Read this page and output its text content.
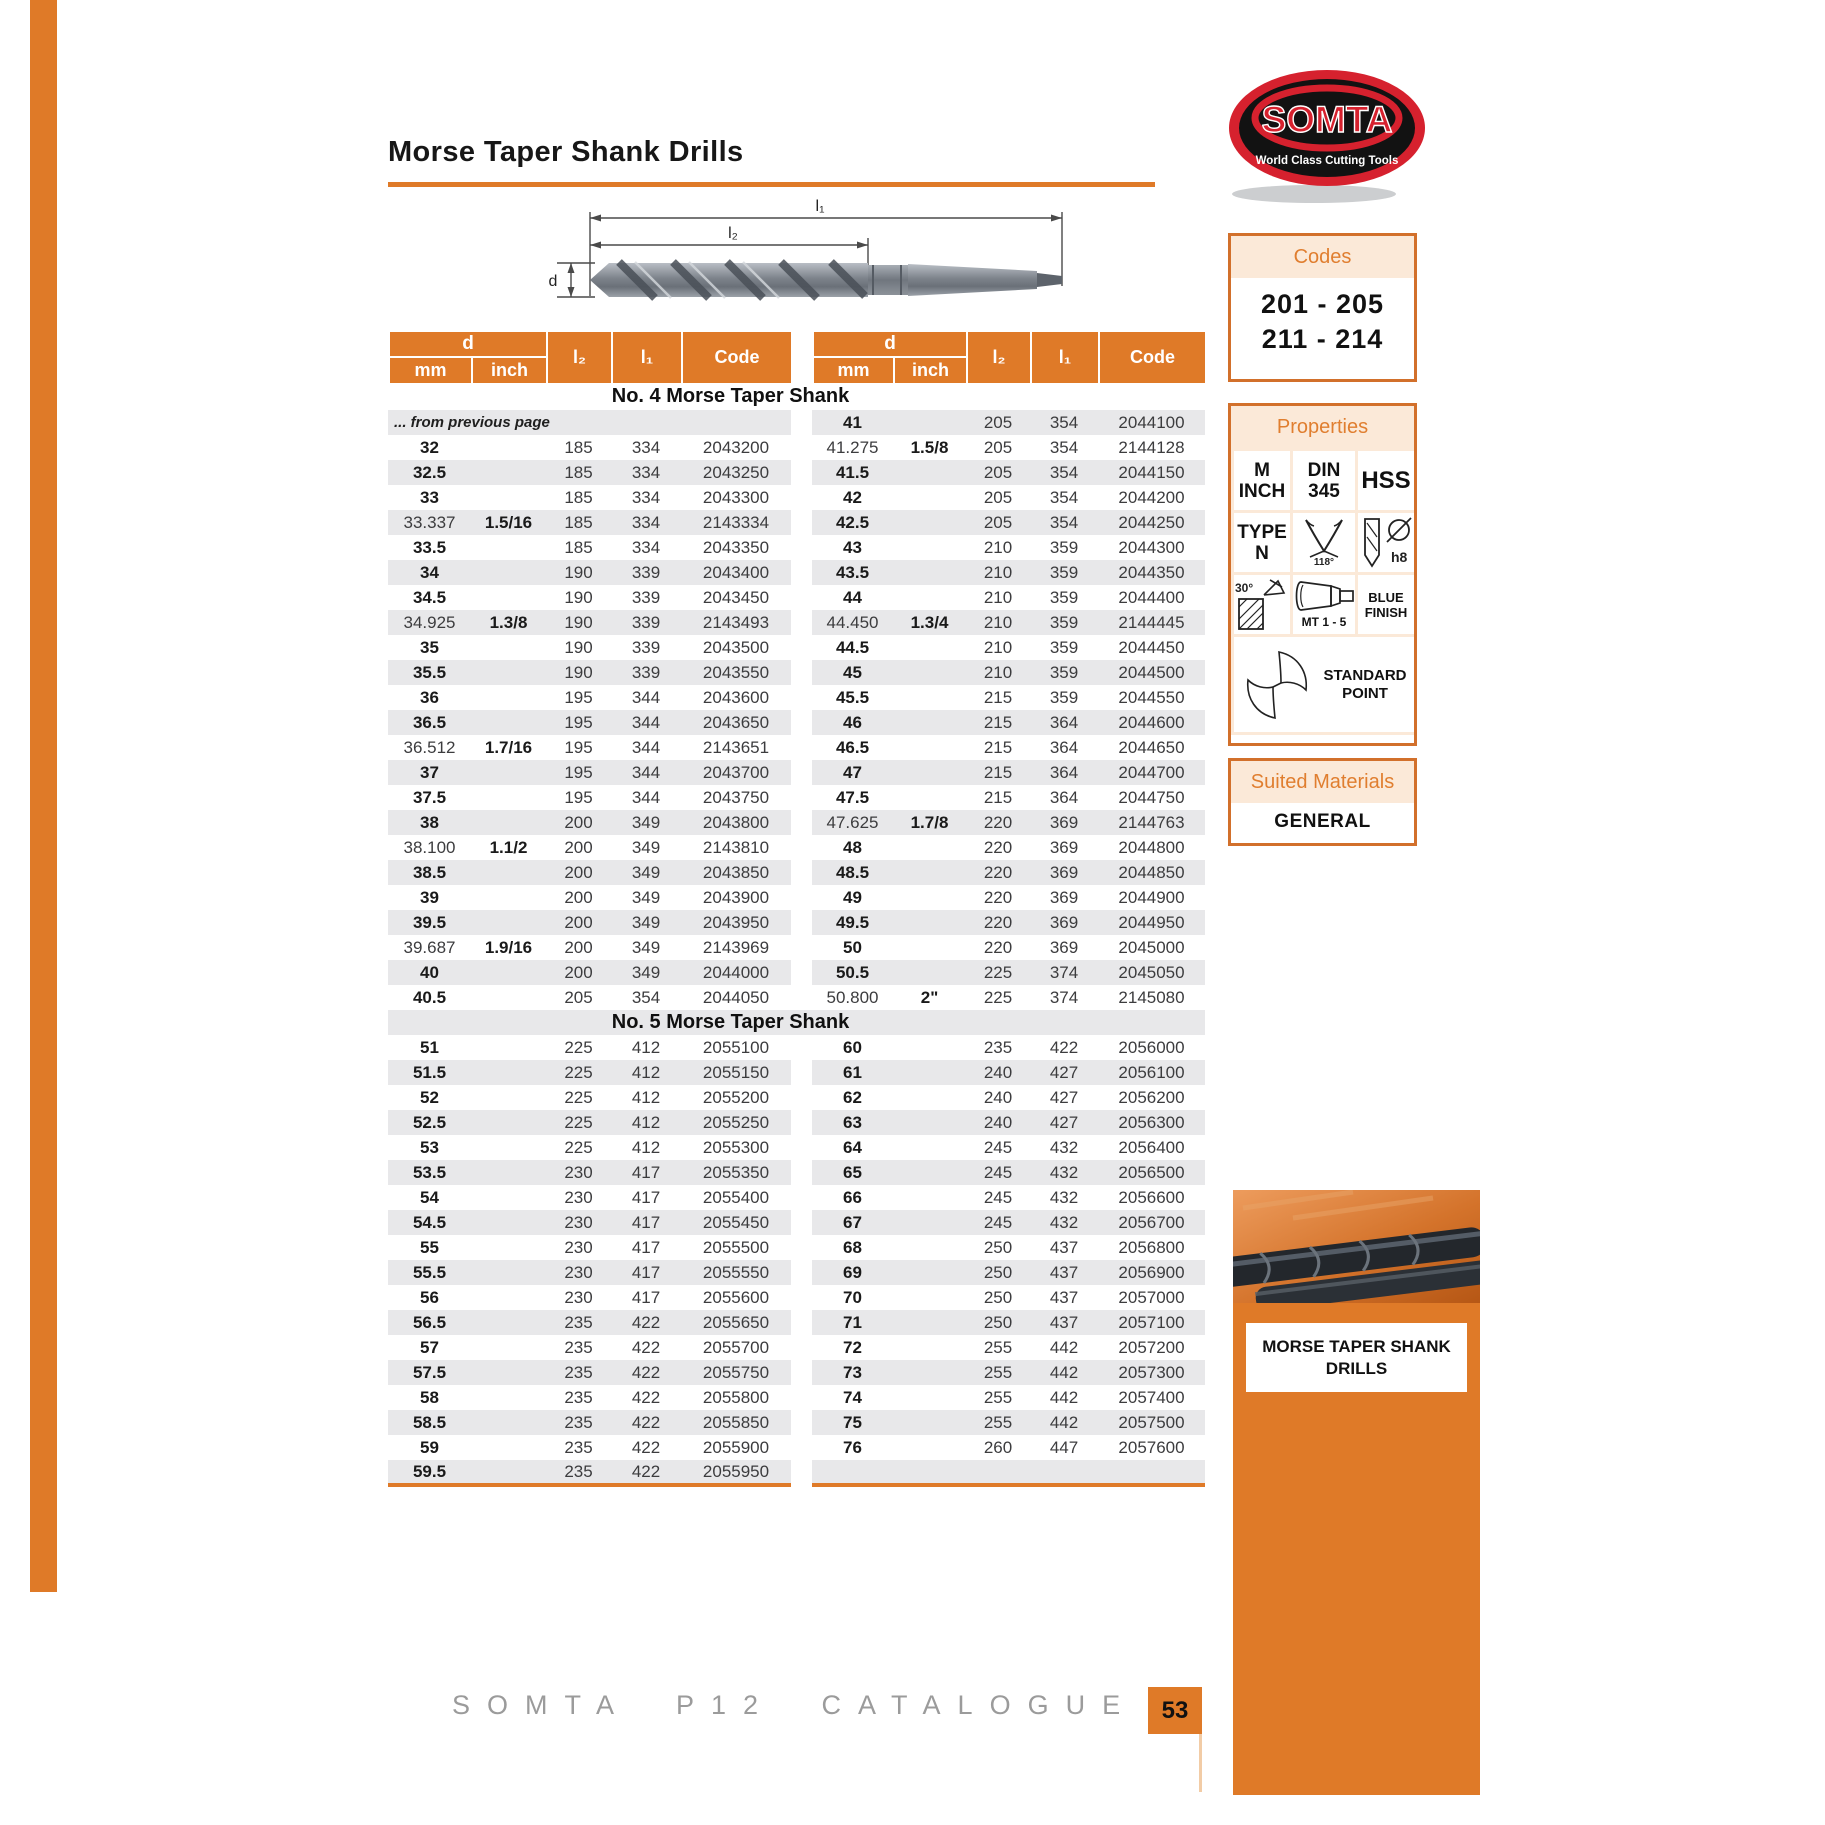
Morse Taper Shank Drills
SOMTA
World Class Cutting Tools
l₁
l₂
d
d		l₂	l₁	Code
mm	inch			
d		l₂	l₁	Code
mm	inch			
No. 4 Morse Taper Shank
No. 5 Morse Taper Shank
... from previous page				
32		185	334	2043200
32.5		185	334	2043250
33		185	334	2043300
33.337	1.5/16	185	334	2143334
33.5		185	334	2043350
34		190	339	2043400
34.5		190	339	2043450
34.925	1.3/8	190	339	2143493
35		190	339	2043500
35.5		190	339	2043550
36		195	344	2043600
36.5		195	344	2043650
36.512	1.7/16	195	344	2143651
37		195	344	2043700
37.5		195	344	2043750
38		200	349	2043800
38.100	1.1/2	200	349	2143810
38.5		200	349	2043850
39		200	349	2043900
39.5		200	349	2043950
39.687	1.9/16	200	349	2143969
40		200	349	2044000
40.5		205	354	2044050
41		205	354	2044100
41.275	1.5/8	205	354	2144128
41.5		205	354	2044150
42		205	354	2044200
42.5		205	354	2044250
43		210	359	2044300
43.5		210	359	2044350
44		210	359	2044400
44.450	1.3/4	210	359	2144445
44.5		210	359	2044450
45		210	359	2044500
45.5		215	359	2044550
46		215	364	2044600
46.5		215	364	2044650
47		215	364	2044700
47.5		215	364	2044750
47.625	1.7/8	220	369	2144763
48		220	369	2044800
48.5		220	369	2044850
49		220	369	2044900
49.5		220	369	2044950
50		220	369	2045000
50.5		225	374	2045050
50.800	2"	225	374	2145080
51		225	412	2055100
51.5		225	412	2055150
52		225	412	2055200
52.5		225	412	2055250
53		225	412	2055300
53.5		230	417	2055350
54		230	417	2055400
54.5		230	417	2055450
55		230	417	2055500
55.5		230	417	2055550
56		230	417	2055600
56.5		235	422	2055650
57		235	422	2055700
57.5		235	422	2055750
58		235	422	2055800
58.5		235	422	2055850
59		235	422	2055900
59.5		235	422	2055950
60		235	422	2056000
61		240	427	2056100
62		240	427	2056200
63		240	427	2056300
64		245	432	2056400
65		245	432	2056500
66		245	432	2056600
67		245	432	2056700
68		250	437	2056800
69		250	437	2056900
70		250	437	2057000
71		250	437	2057100
72		255	442	2057200
73		255	442	2057300
74		255	442	2057400
75		255	442	2057500
76		260	447	2057600

Codes
201 - 205
211 - 214
Properties
M
INCH
DIN
345 HSS
TYPE
N	118°	h8
30°
MT 1 - 5
BLUE
FINISH
STANDARD POINT
Suited Materials
GENERAL
MORSE TAPER SHANK DRILLS
SOMTA P12 CATALOGUE	53
